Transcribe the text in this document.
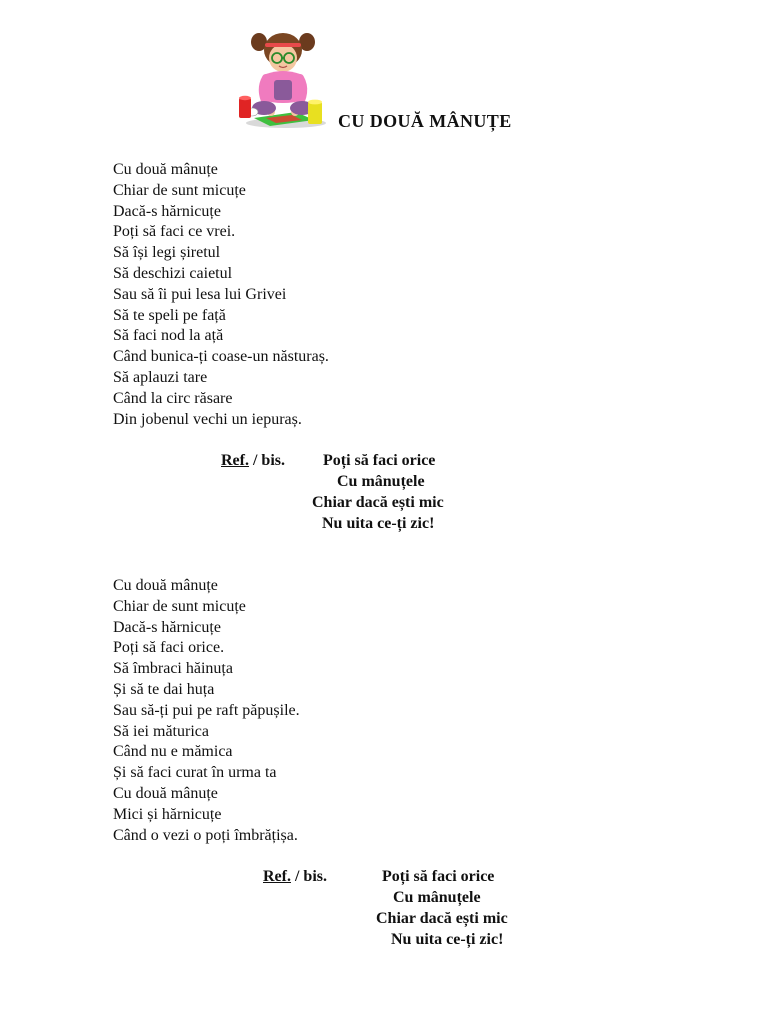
CU DOUĂ MÂNUȚE
Cu două mânuțe
Chiar de sunt micuțe
Dacă-s hărnicuțe
Poți să faci ce vrei.
Să își legi șiretul
Să deschizi caietul
Sau să îi pui lesa lui Grivei
Să te speli pe față
Să faci nod la ață
Când bunica-ți coase-un năsturaș.
Să aplauzi tare
Când la circ răsare
Din jobenul vechi un iepuraș.
Ref. / bis. Poți să faci orice
Cu mânuțele
Chiar dacă ești mic
Nu uita ce-ți zic!
Cu două mânuțe
Chiar de sunt micuțe
Dacă-s hărnicuțe
Poți să faci orice.
Să îmbraci hăinuța
Și să te dai huța
Sau să-ți pui pe raft păpușile.
Să iei măturica
Când nu e mămica
Și să faci curat în urma ta
Cu două mânuțe
Mici și hărnicuțe
Când o vezi o poți îmbrățișa.
Ref. / bis.	Poți să faci orice
Cu mânuțele
Chiar dacă ești mic
Nu uita ce-ți zic!
